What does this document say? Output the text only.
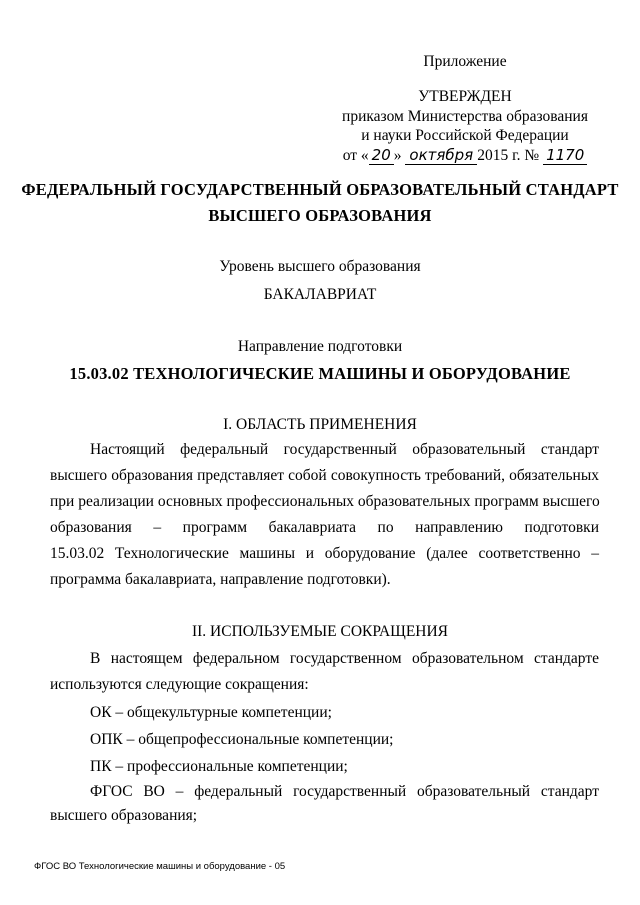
Приложение
УТВЕРЖДЕН
приказом Министерства образования
и науки Российской Федерации
от « 20 » октября 2015 г. № 1170
ФЕДЕРАЛЬНЫЙ ГОСУДАРСТВЕННЫЙ ОБРАЗОВАТЕЛЬНЫЙ СТАНДАРТ
ВЫСШЕГО ОБРАЗОВАНИЯ
Уровень высшего образования
БАКАЛАВРИАТ
Направление подготовки
15.03.02 ТЕХНОЛОГИЧЕСКИЕ МАШИНЫ И ОБОРУДОВАНИЕ
I. ОБЛАСТЬ ПРИМЕНЕНИЯ
Настоящий федеральный государственный образовательный стандарт
высшего образования представляет собой совокупность требований, обязательных
при реализации основных профессиональных образовательных программ высшего
образования – программ бакалавриата по направлению подготовки
15.03.02 Технологические машины и оборудование (далее соответственно –
программа бакалавриата, направление подготовки).
II. ИСПОЛЬЗУЕМЫЕ СОКРАЩЕНИЯ
В настоящем федеральном государственном образовательном стандарте
используются следующие сокращения:
ОК – общекультурные компетенции;
ОПК – общепрофессиональные компетенции;
ПК – профессиональные компетенции;
ФГОС ВО – федеральный государственный образовательный стандарт
высшего образования;
ФГОС ВО Технологические машины и оборудование - 05
